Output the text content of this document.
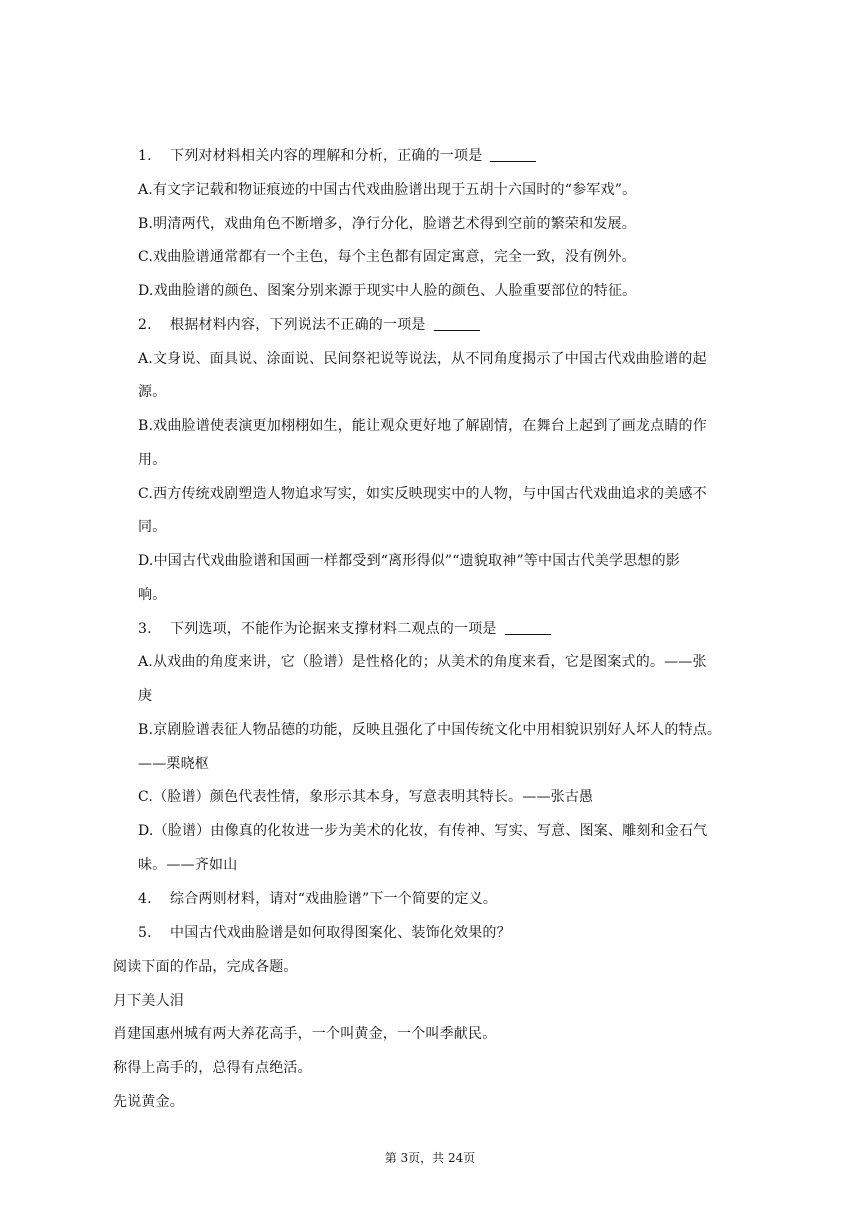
1. 下列对材料相关内容的理解和分析，正确的一项是
A.有文字记载和物证痕迹的中国古代戏曲脸谱出现于五胡十六国时的“参军戏”。
B.明清两代，戏曲角色不断增多，净行分化，脸谱艺术得到空前的繁荣和发展。
C.戏曲脸谱通常都有一个主色，每个主色都有固定寓意，完全一致，没有例外。
D.戏曲脸谱的颜色、图案分别来源于现实中人脸的颜色、人脸重要部位的特征。
2. 根据材料内容，下列说法不正确的一项是
A.文身说、面具说、涂面说、民间祭祀说等说法，从不同角度揭示了中国古代戏曲脸谱的起
源。
B.戏曲脸谱使表演更加栩栩如生，能让观众更好地了解剧情，在舞台上起到了画龙点睛的作
用。
C.西方传统戏剧塑造人物追求写实，如实反映现实中的人物，与中国古代戏曲追求的美感不
同。
D.中国古代戏曲脸谱和国画一样都受到“离形得似”“遗貌取神”等中国古代美学思想的影
响。
3. 下列选项，不能作为论据来支撑材料二观点的一项是
A.从戏曲的角度来讲，它（脸谱）是性格化的；从美术的角度来看，它是图案式的。——张
庚
B.京剧脸谱表征人物品德的功能，反映且强化了中国传统文化中用相貌识别好人坏人的特点。
——栗晓枢
C.（脸谱）颜色代表性情，象形示其本身，写意表明其特长。——张古愚
D.（脸谱）由像真的化妆进一步为美术的化妆，有传神、写实、写意、图案、雕刻和金石气
味。——齐如山
4. 综合两则材料，请对“戏曲脸谱”下一个简要的定义。
5. 中国古代戏曲脸谱是如何取得图案化、装饰化效果的？
阅读下面的作品，完成各题。
月下美人泪
肖建国惠州城有两大养花高手，一个叫黄金，一个叫季献民。
称得上高手的，总得有点绝活。
先说黄金。
第 3页，共 24页
